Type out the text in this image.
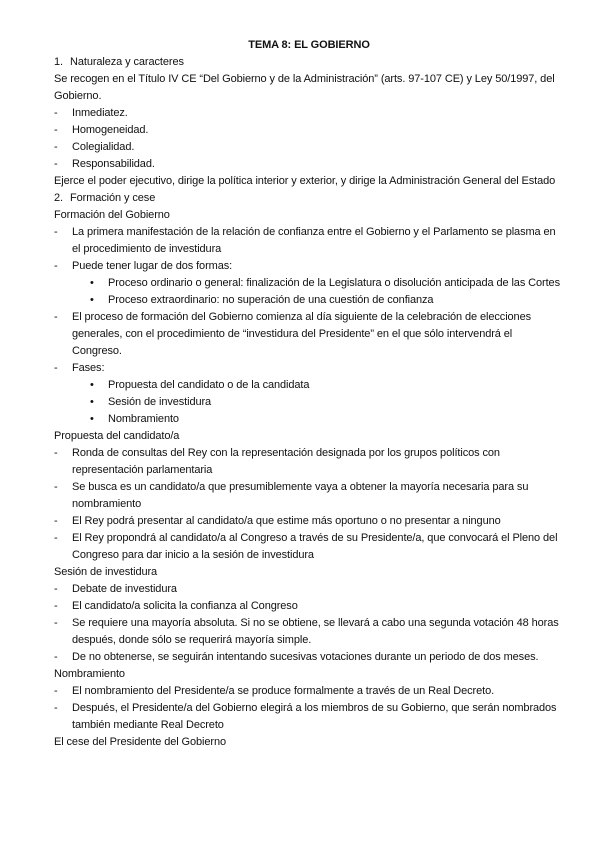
TEMA 8: EL GOBIERNO
1. Naturaleza y caracteres
Se recogen en el Título IV CE “Del Gobierno y de la Administración” (arts. 97-107 CE) y Ley 50/1997, del Gobierno.
-	Inmediatez.
-	Homogeneidad.
-	Colegialidad.
-	Responsabilidad.
Ejerce el poder ejecutivo, dirige la política interior y exterior, y dirige la Administración General del Estado
2. Formación y cese
Formación del Gobierno
-	La primera manifestación de la relación de confianza entre el Gobierno y el Parlamento se plasma en el procedimiento de investidura
-	Puede tener lugar de dos formas:
•	Proceso ordinario o general: finalización de la Legislatura o disolución anticipada de las Cortes
•	Proceso extraordinario: no superación de una cuestión de confianza
-	El proceso de formación del Gobierno comienza al día siguiente de la celebración de elecciones generales, con el procedimiento de “investidura del Presidente” en el que sólo intervendrá el Congreso.
-	Fases:
•	Propuesta del candidato o de la candidata
•	Sesión de investidura
•	Nombramiento
Propuesta del candidato/a
-	Ronda de consultas del Rey con la representación designada por los grupos políticos con representación parlamentaria
-	Se busca es un candidato/a que presumiblemente vaya a obtener la mayoría necesaria para su nombramiento
-	El Rey podrá presentar al candidato/a que estime más oportuno o no presentar a ninguno
-	El Rey propondrá al candidato/a al Congreso a través de su Presidente/a, que convocará el Pleno del Congreso para dar inicio a la sesión de investidura
Sesión de investidura
-	Debate de investidura
-	El candidato/a solicita la confianza al Congreso
-	Se requiere una mayoría absoluta. Si no se obtiene, se llevará a cabo una segunda votación 48 horas después, donde sólo se requerirá mayoría simple.
-	De no obtenerse, se seguirán intentando sucesivas votaciones durante un periodo de dos meses.
Nombramiento
-	El nombramiento del Presidente/a se produce formalmente a través de un Real Decreto.
-	Después, el Presidente/a del Gobierno elegirá a los miembros de su Gobierno, que serán nombrados también mediante Real Decreto
El cese del Presidente del Gobierno
